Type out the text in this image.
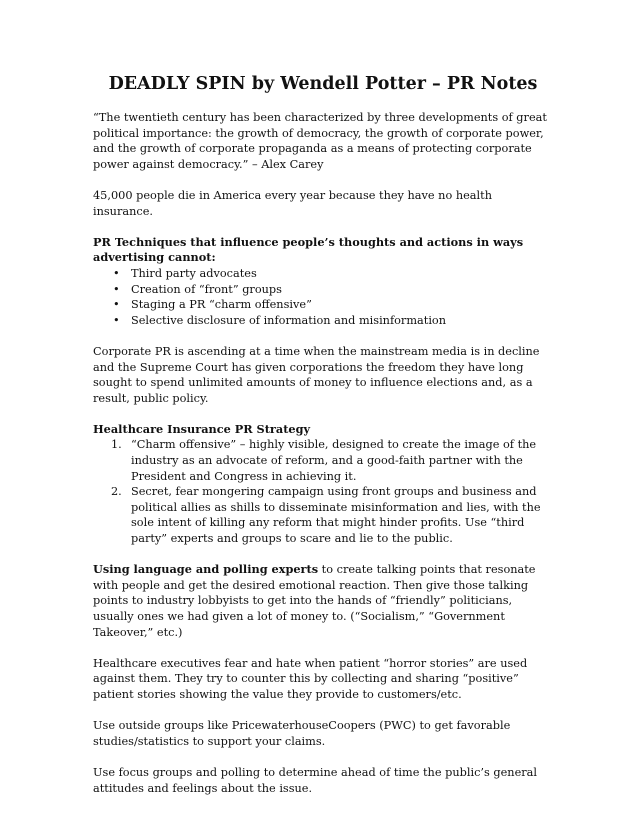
DEADLY SPIN by Wendell Potter – PR Notes

“The twentieth century has been characterized by three developments of great political importance: the growth of democracy, the growth of corporate power, and the growth of corporate propaganda as a means of protecting corporate power against democracy.” – Alex Carey

45,000 people die in America every year because they have no health insurance.

PR Techniques that influence people’s thoughts and actions in ways advertising cannot:

• Third party advocates
• Creation of “front” groups
• Staging a PR “charm offensive”
• Selective disclosure of information and misinformation

Corporate PR is ascending at a time when the mainstream media is in decline and the Supreme Court has given corporations the freedom they have long sought to spend unlimited amounts of money to influence elections and, as a result, public policy.

Healthcare Insurance PR Strategy

1. “Charm offensive” – highly visible, designed to create the image of the industry as an advocate of reform, and a good-faith partner with the President and Congress in achieving it.
2. Secret, fear mongering campaign using front groups and business and political allies as shills to disseminate misinformation and lies, with the sole intent of killing any reform that might hinder profits. Use “third party” experts and groups to scare and lie to the public.

Using language and polling experts to create talking points that resonate with people and get the desired emotional reaction. Then give those talking points to industry lobbyists to get into the hands of “friendly” politicians, usually ones we had given a lot of money to. (“Socialism,” “Government Takeover,” etc.)

Healthcare executives fear and hate when patient “horror stories” are used against them. They try to counter this by collecting and sharing “positive” patient stories showing the value they provide to customers/etc.

Use outside groups like PricewaterhouseCoopers (PWC) to get favorable studies/statistics to support your claims.

Use focus groups and polling to determine ahead of time the public’s general attitudes and feelings about the issue.
